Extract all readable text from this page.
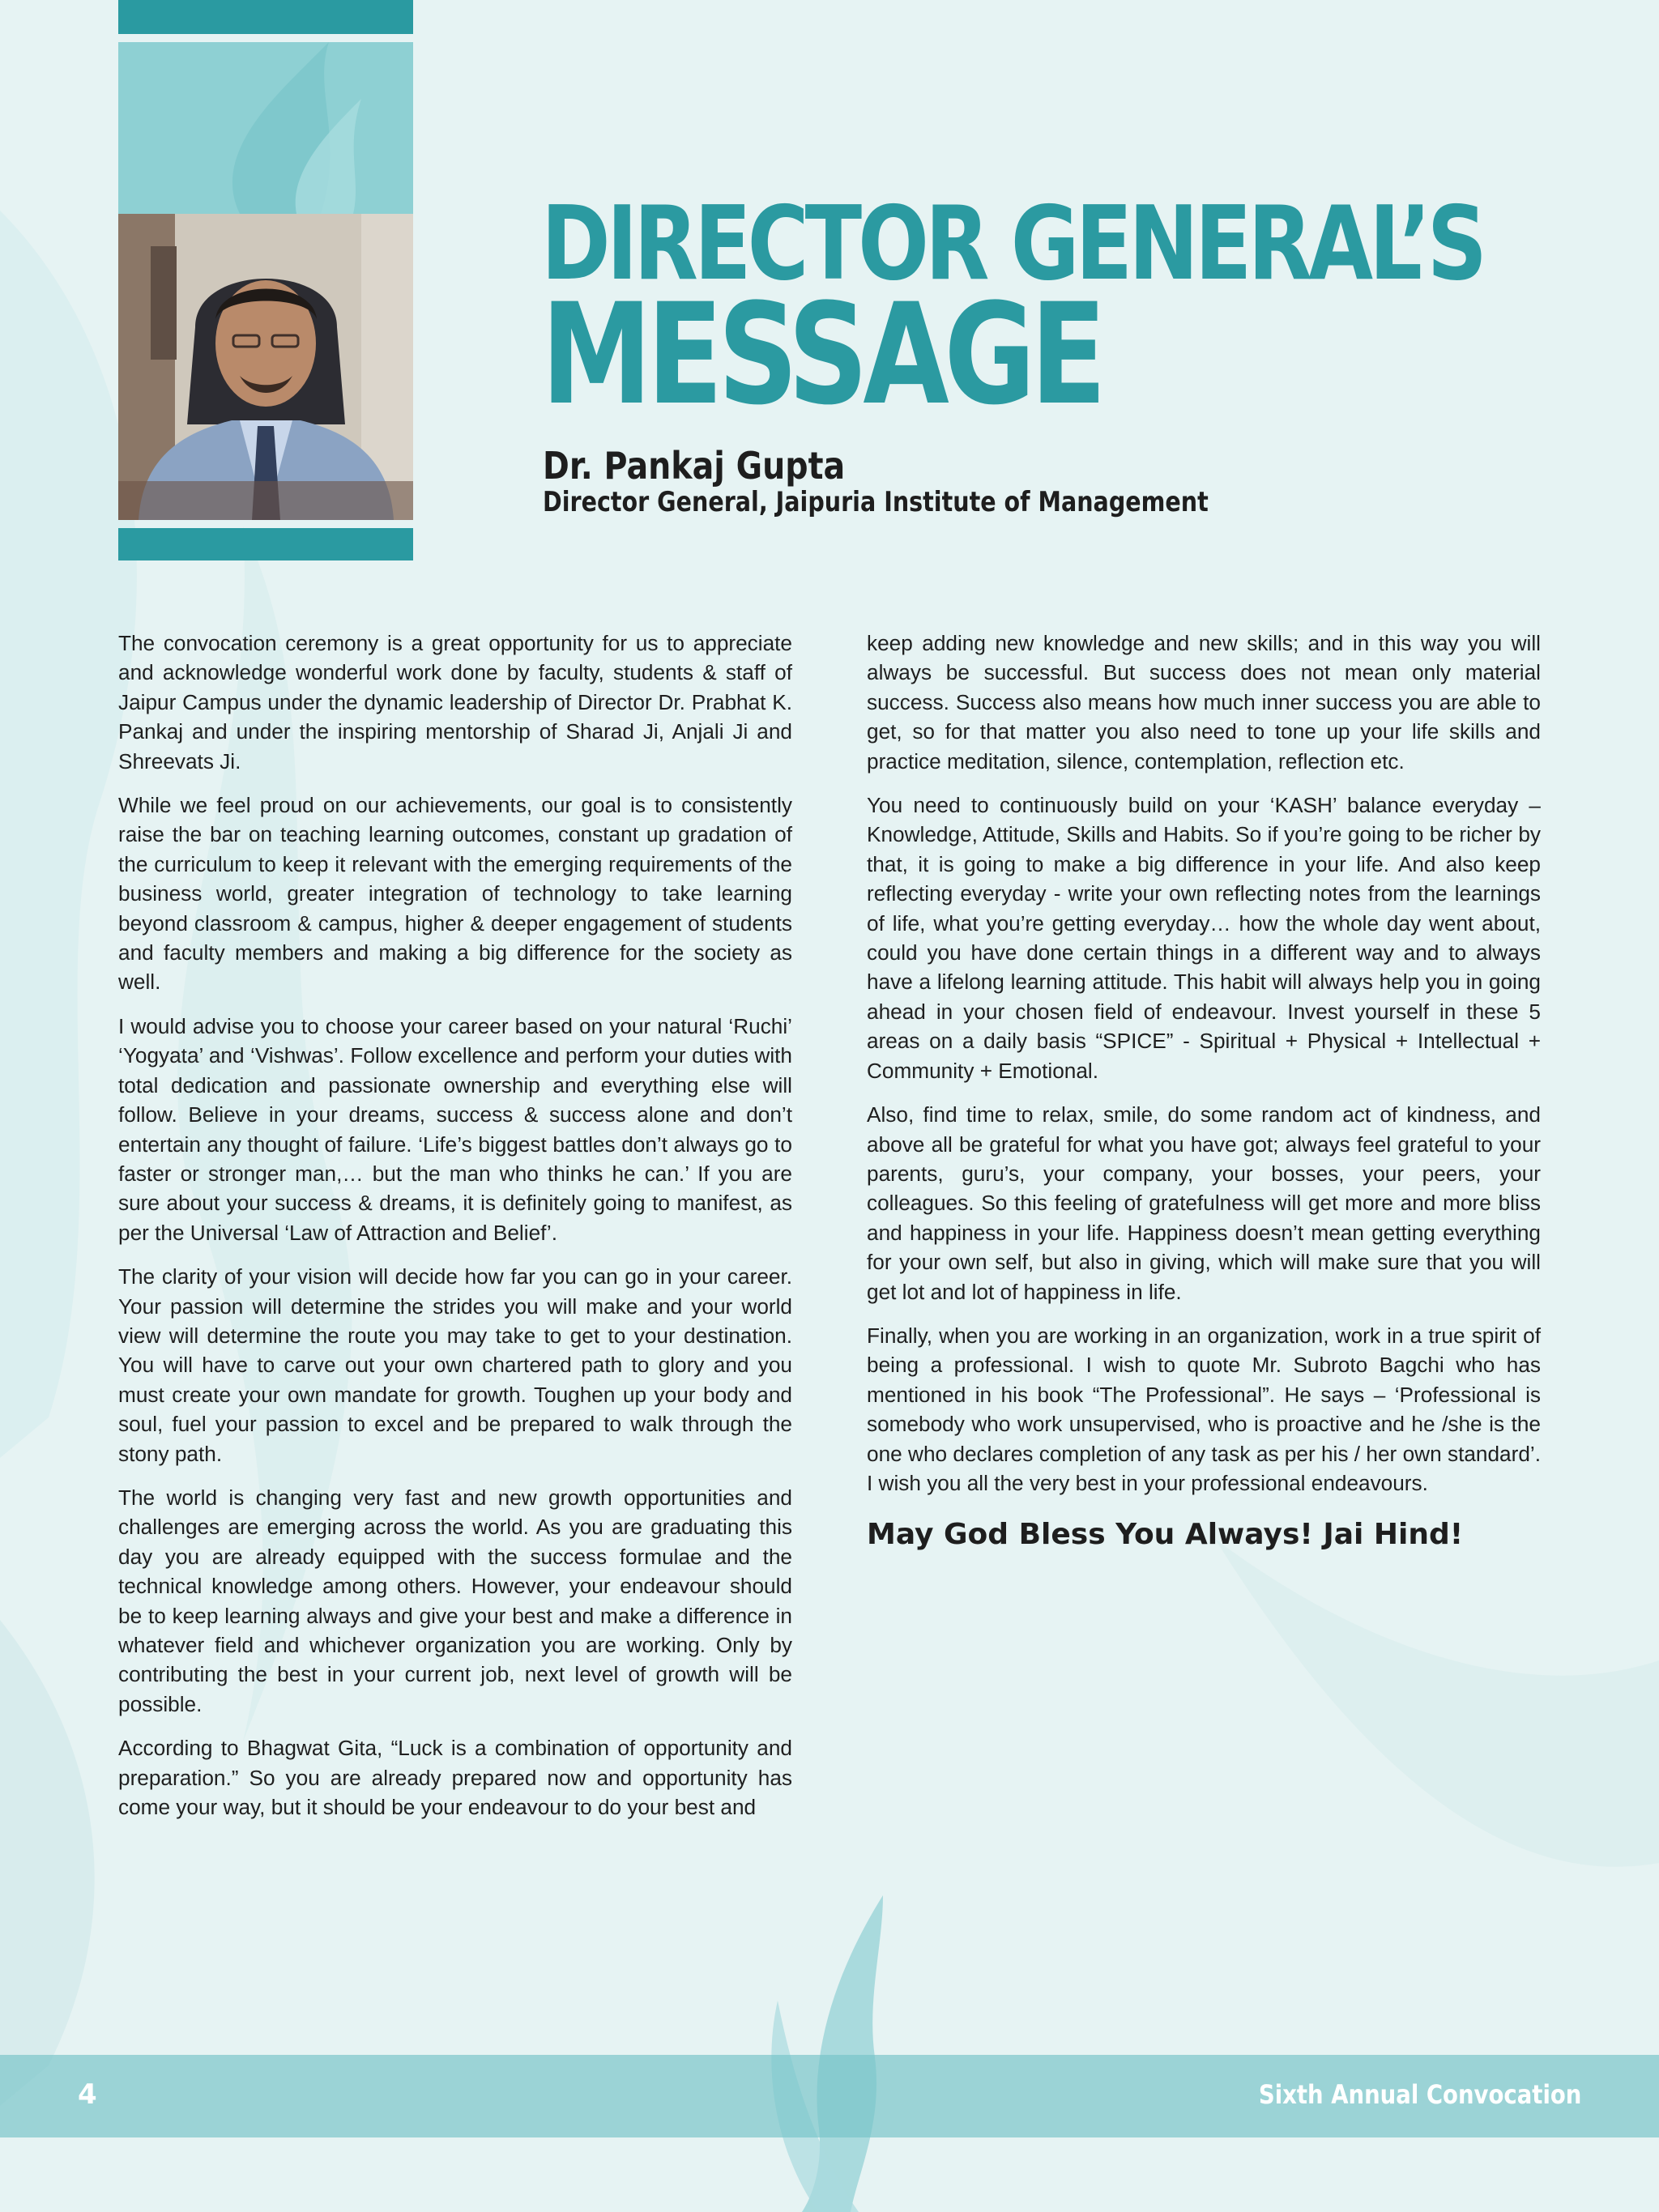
DIRECTOR GENERAL’S
MESSAGE
Dr. Pankaj Gupta
Director General, Jaipuria Institute of Management

The convocation ceremony is a great opportunity for us to appreciate and acknowledge wonderful work done by faculty, students & staff of Jaipur Campus under the dynamic leadership of Director Dr. Prabhat K. Pankaj and under the inspiring mentorship of Sharad Ji, Anjali Ji and Shreevats Ji.

While we feel proud on our achievements, our goal is to consistently raise the bar on teaching learning outcomes, constant up gradation of the curriculum to keep it relevant with the emerging requirements of the business world, greater integration of technology to take learning beyond classroom & campus, higher & deeper engagement of students and faculty members and making a big difference for the society as well.

I would advise you to choose your career based on your natural ‘Ruchi’ ‘Yogyata’ and ‘Vishwas’. Follow excellence and perform your duties with total dedication and passionate ownership and everything else will follow. Believe in your dreams, success & success alone and don’t entertain any thought of failure. ‘Life’s biggest battles don’t always go to faster or stronger man,… but the man who thinks he can.’ If you are sure about your success & dreams, it is definitely going to manifest, as per the Universal ‘Law of Attraction and Belief’.

The clarity of your vision will decide how far you can go in your career. Your passion will determine the strides you will make and your world view will determine the route you may take to get to your destination. You will have to carve out your own chartered path to glory and you must create your own mandate for growth. Toughen up your body and soul, fuel your passion to excel and be prepared to walk through the stony path.

The world is changing very fast and new growth opportunities and challenges are emerging across the world. As you are graduating this day you are already equipped with the success formulae and the technical knowledge among others. However, your endeavour should be to keep learning always and give your best and make a difference in whatever field and whichever organization you are working. Only by contributing the best in your current job, next level of growth will be possible.

According to Bhagwat Gita, “Luck is a combination of opportunity and preparation.” So you are already prepared now and opportunity has come your way, but it should be your endeavour to do your best and

keep adding new knowledge and new skills; and in this way you will always be successful. But success does not mean only material success. Success also means how much inner success you are able to get, so for that matter you also need to tone up your life skills and practice meditation, silence, contemplation, reflection etc.

You need to continuously build on your ‘KASH’ balance everyday – Knowledge, Attitude, Skills and Habits. So if you’re going to be richer by that, it is going to make a big difference in your life. And also keep reflecting everyday - write your own reflecting notes from the learnings of life, what you’re getting everyday… how the whole day went about, could you have done certain things in a different way and to always have a lifelong learning attitude. This habit will always help you in going ahead in your chosen field of endeavour. Invest yourself in these 5 areas on a daily basis “SPICE” - Spiritual + Physical + Intellectual + Community + Emotional.

Also, find time to relax, smile, do some random act of kindness, and above all be grateful for what you have got; always feel grateful to your parents, guru’s, your company, your bosses, your peers, your colleagues. So this feeling of gratefulness will get more and more bliss and happiness in your life. Happiness doesn’t mean getting everything for your own self, but also in giving, which will make sure that you will get lot and lot of happiness in life.

Finally, when you are working in an organization, work in a true spirit of being a professional. I wish to quote Mr. Subroto Bagchi who has mentioned in his book “The Professional”. He says – ‘Professional is somebody who work unsupervised, who is proactive and he /she is the one who declares completion of any task as per his / her own standard’. I wish you all the very best in your professional endeavours.

May God Bless You Always! Jai Hind!
4	Sixth Annual Convocation
